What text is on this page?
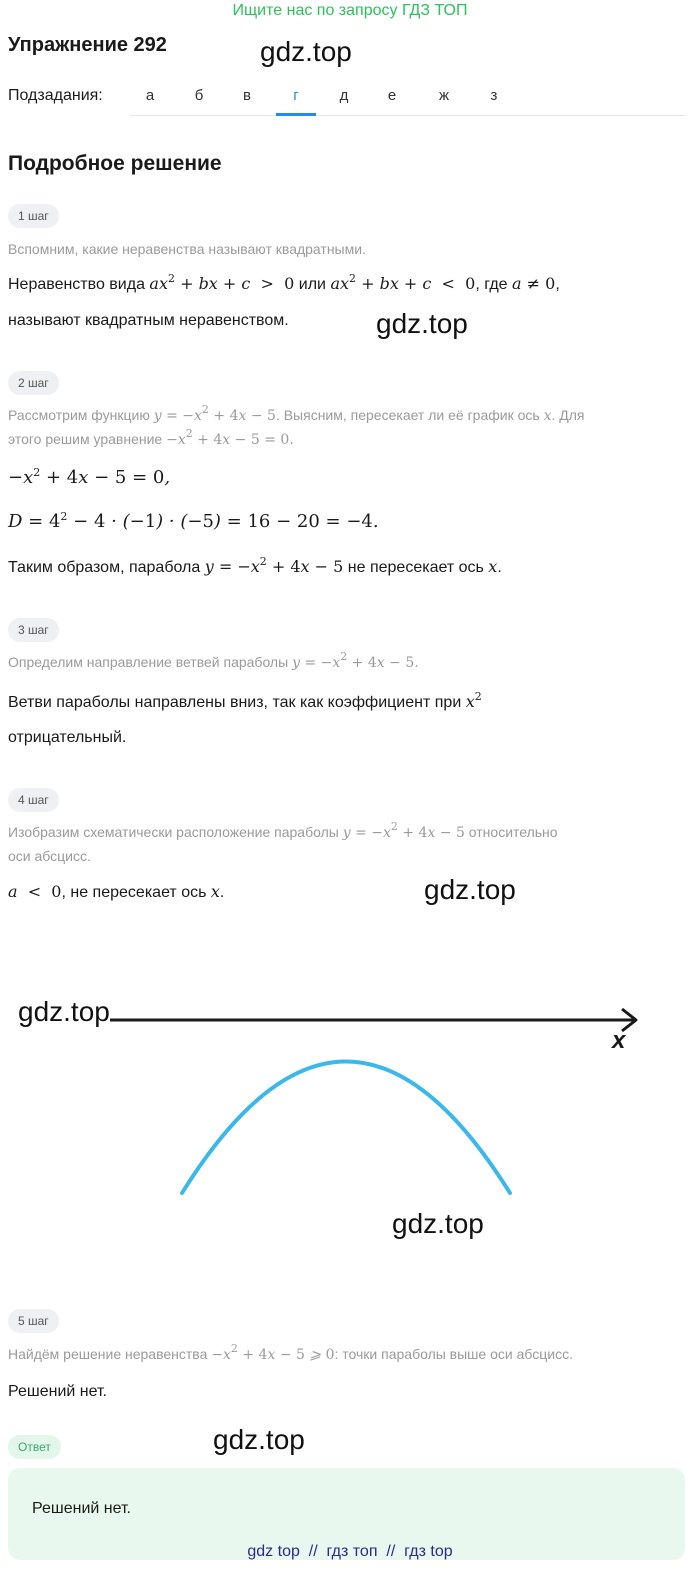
Ищите нас по запросу ГДЗ ТОП
Упражнение 292	gdz.top
Подзадания:	а	б	в	г	д	е	ж	з
Подробное решение
1 шаг
Вспомним, какие неравенства называют квадратными.
Неравенство вида $ax^2$ + bx + c  >  0 или $ax^2$ + bx + c  <  0, где a ≠ 0,
называют квадратным неравенством.	gdz.top
2 шаг
Рассмотрим функцию $y = -x^2 + 4x - 5$. Выясним, пересекает ли её график ось x. Для
этого решим уравнение $-x^2 + 4x - 5 = 0$.
$-x^2 + 4x - 5 = 0$,
$D = 4^2 - 4 \cdot (-1) \cdot (-5) = 16 - 20 = -4$.
Таким образом, парабола $y = -x^2 + 4x - 5$ не пересекает ось x.
3 шаг
Определим направление ветвей параболы $y = -x^2 + 4x - 5$.
Ветви параболы направлены вниз, так как коэффициент при $x^2$
отрицательный.
4 шаг
Изобразим схематически расположение параболы $y = -x^2 + 4x - 5$ относительно
оси абсцисс.
a  <  0, не пересекает ось x.	gdz.top
x
gdz.top
gdz.top
5 шаг
Найдём решение неравенства $-x^2 + 4x - 5$ ⩾ 0: точки параболы выше оси абсцисс.
Решений нет.
Ответ	gdz.top
Решений нет.
gdz top  //  гдз топ  //  гдз top
